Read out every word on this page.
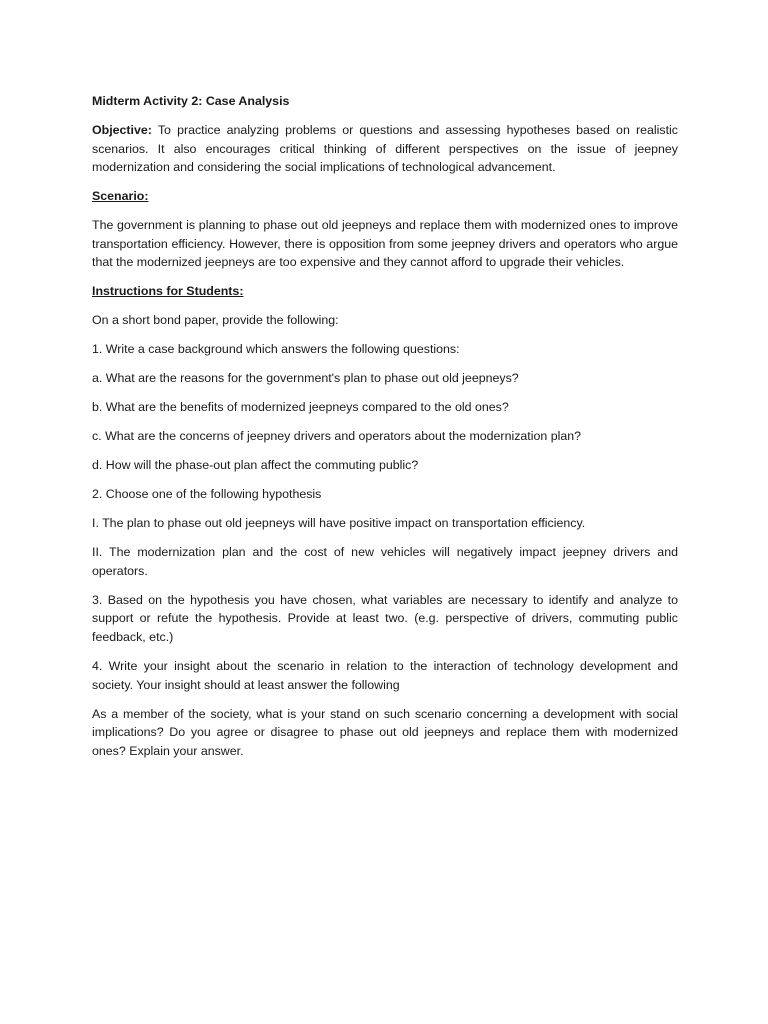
Midterm Activity 2: Case Analysis

Objective: To practice analyzing problems or questions and assessing hypotheses based on realistic scenarios. It also encourages critical thinking of different perspectives on the issue of jeepney modernization and considering the social implications of technological advancement.

Scenario:

The government is planning to phase out old jeepneys and replace them with modernized ones to improve transportation efficiency. However, there is opposition from some jeepney drivers and operators who argue that the modernized jeepneys are too expensive and they cannot afford to upgrade their vehicles.

Instructions for Students:

On a short bond paper, provide the following:

1. Write a case background which answers the following questions:

a. What are the reasons for the government's plan to phase out old jeepneys?

b. What are the benefits of modernized jeepneys compared to the old ones?

c. What are the concerns of jeepney drivers and operators about the modernization plan?

d. How will the phase-out plan affect the commuting public?

2. Choose one of the following hypothesis

I. The plan to phase out old jeepneys will have positive impact on transportation efficiency.

II. The modernization plan and the cost of new vehicles will negatively impact jeepney drivers and operators.

3. Based on the hypothesis you have chosen, what variables are necessary to identify and analyze to support or refute the hypothesis. Provide at least two. (e.g. perspective of drivers, commuting public feedback, etc.)

4. Write your insight about the scenario in relation to the interaction of technology development and society. Your insight should at least answer the following

As a member of the society, what is your stand on such scenario concerning a development with social implications? Do you agree or disagree to phase out old jeepneys and replace them with modernized ones? Explain your answer.
